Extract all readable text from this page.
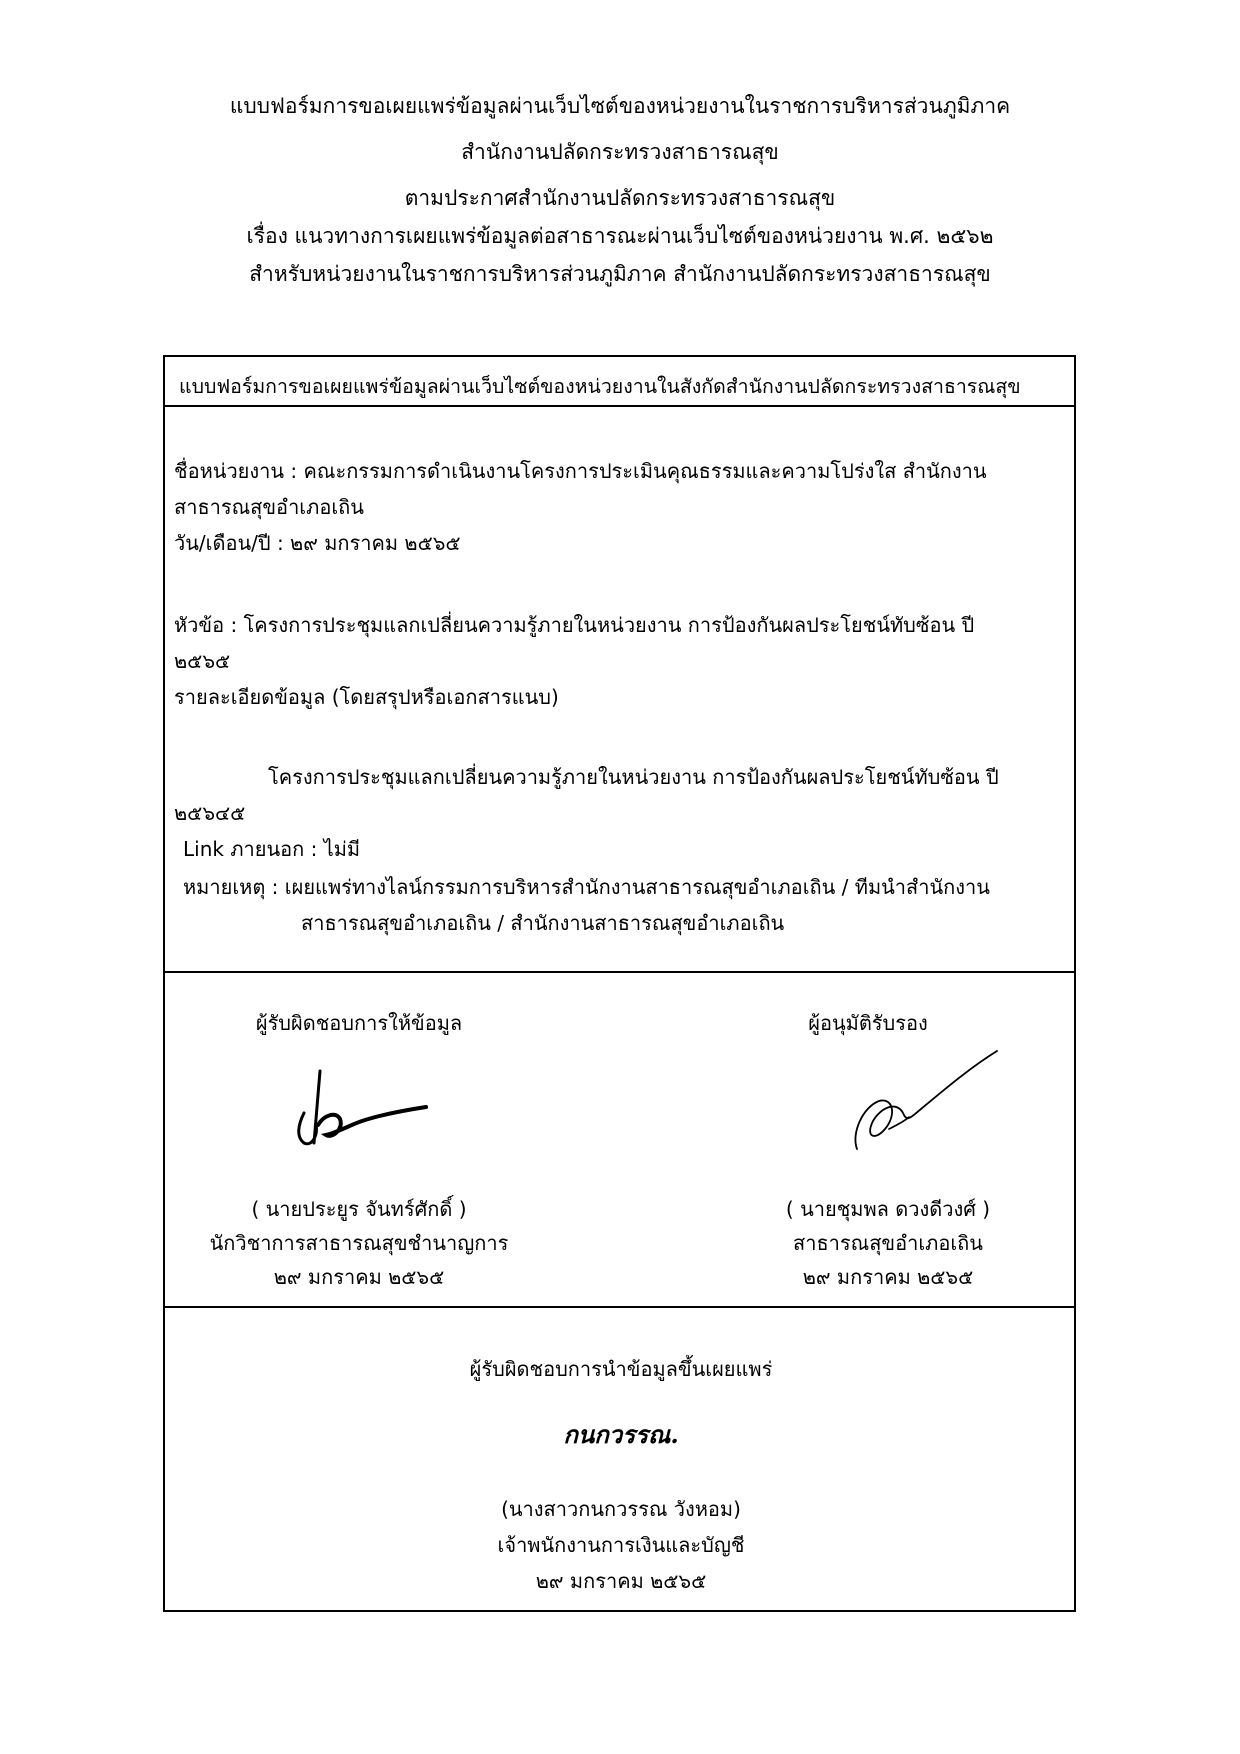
แบบฟอร์มการขอเผยแพร่ข้อมูลผ่านเว็บไซต์ของหน่วยงานในราชการบริหารส่วนภูมิภาค
สำนักงานปลัดกระทรวงสาธารณสุข
ตามประกาศสำนักงานปลัดกระทรวงสาธารณสุข
เรื่อง แนวทางการเผยแพร่ข้อมูลต่อสาธารณะผ่านเว็บไซต์ของหน่วยงาน พ.ศ. ๒๕๖๒
สำหรับหน่วยงานในราชการบริหารส่วนภูมิภาค สำนักงานปลัดกระทรวงสาธารณสุข
แบบฟอร์มการขอเผยแพร่ข้อมูลผ่านเว็บไซต์ของหน่วยงานในสังกัดสำนักงานปลัดกระทรวงสาธารณสุข
ชื่อหน่วยงาน : คณะกรรมการดำเนินงานโครงการประเมินคุณธรรมและความโปร่งใส สำนักงาน
สาธารณสุขอำเภอเถิน
วัน/เดือน/ปี : ๒๙ มกราคม ๒๕๖๕
หัวข้อ : โครงการประชุมแลกเปลี่ยนความรู้ภายในหน่วยงาน การป้องกันผลประโยชน์ทับซ้อน ปี
๒๕๖๕
รายละเอียดข้อมูล (โดยสรุปหรือเอกสารแนบ)
โครงการประชุมแลกเปลี่ยนความรู้ภายในหน่วยงาน การป้องกันผลประโยชน์ทับซ้อน ปี
๒๕๖๔๕
Link ภายนอก : ไม่มี
หมายเหตุ : เผยแพร่ทางไลน์กรรมการบริหารสำนักงานสาธารณสุขอำเภอเถิน / ทีมนำสำนักงาน
สาธารณสุขอำเภอเถิน / สำนักงานสาธารณสุขอำเภอเถิน
ผู้รับผิดชอบการให้ข้อมูล
( นายประยูร จันทร์ศักดิ์ )
นักวิชาการสาธารณสุขชำนาญการ
๒๙ มกราคม ๒๕๖๕
ผู้อนุมัติรับรอง
( นายชุมพล ดวงดีวงศ์ )
สาธารณสุขอำเภอเถิน
๒๙ มกราคม ๒๕๖๕
ผู้รับผิดชอบการนำข้อมูลขึ้นเผยแพร่
กนกวรรณ.
(นางสาวกนกวรรณ วังหอม)
เจ้าพนักงานการเงินและบัญชี
๒๙ มกราคม ๒๕๖๕
